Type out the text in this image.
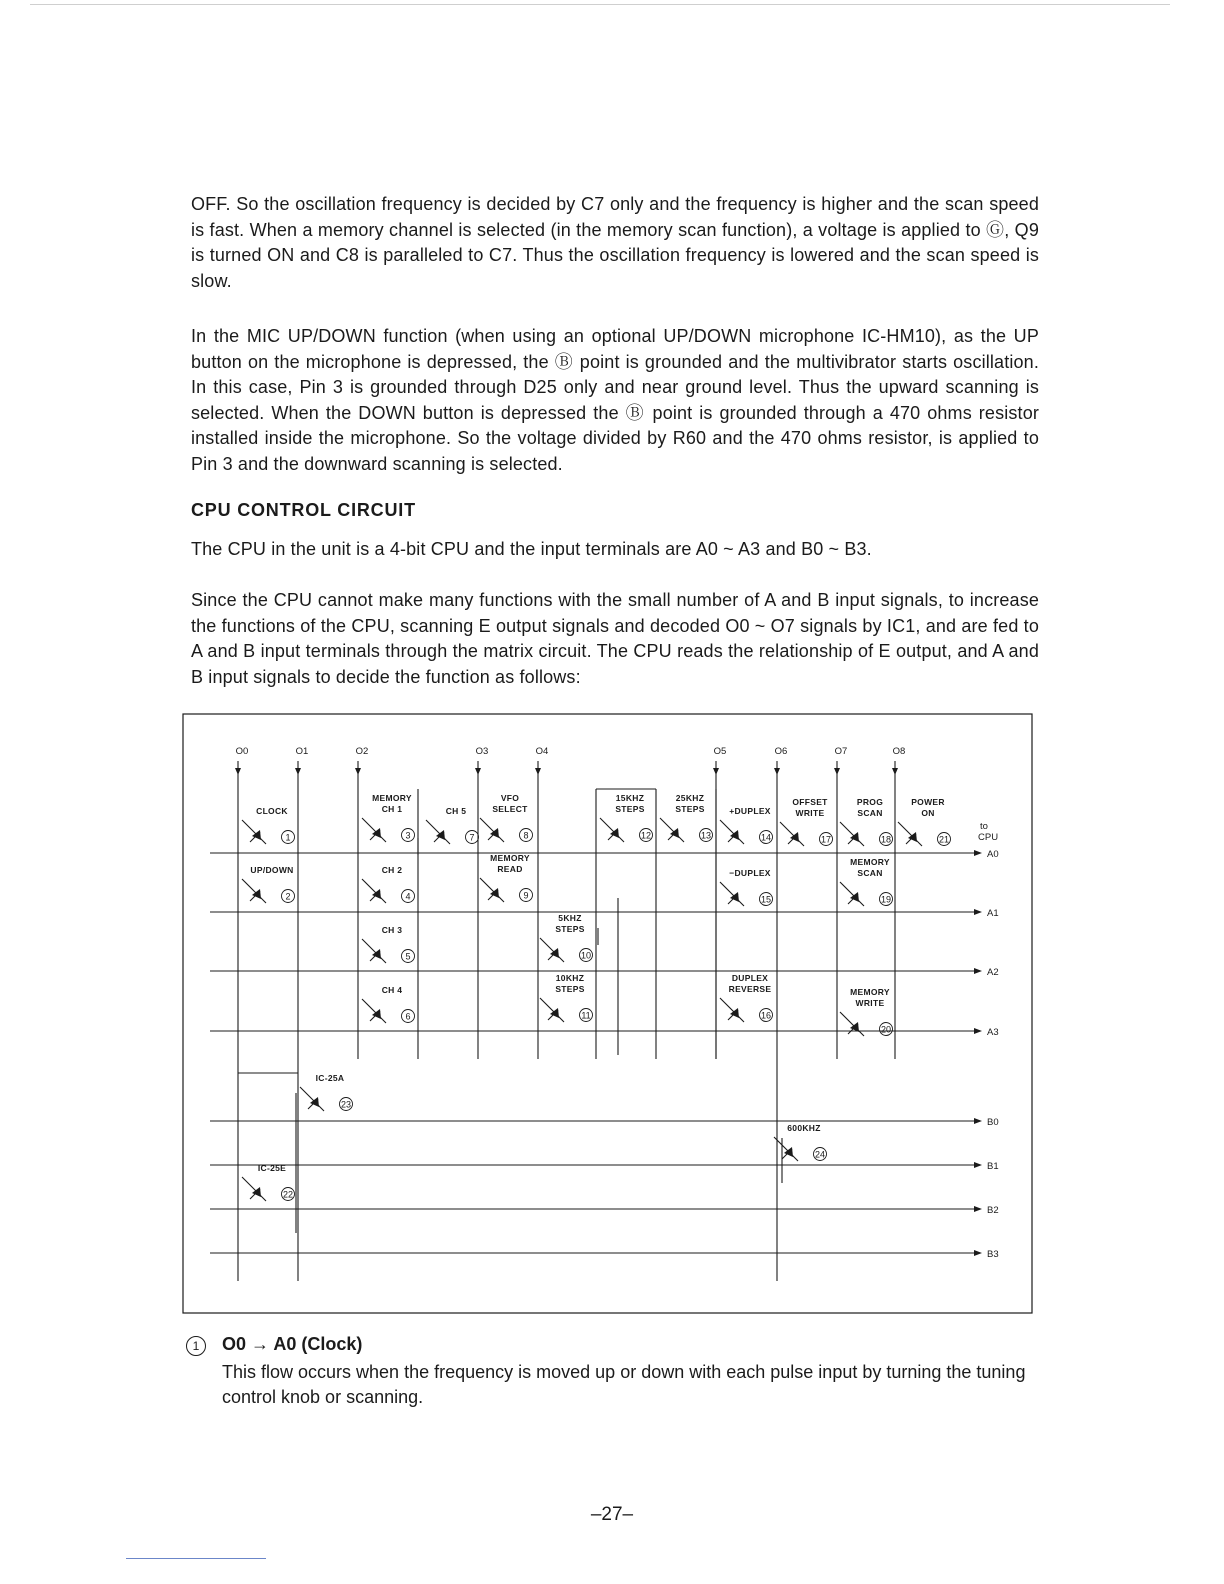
OFF. So the oscillation frequency is decided by C7 only and the frequency is higher and the scan speed is fast. When a memory channel is selected (in the memory scan function), a voltage is applied to Ⓖ, Q9 is turned ON and C8 is paralleled to C7. Thus the oscillation frequency is lowered and the scan speed is slow.

In the MIC UP/DOWN function (when using an optional UP/DOWN microphone IC-HM10), as the UP button on the microphone is depressed, the Ⓑ point is grounded and the multivibrator starts oscillation. In this case, Pin 3 is grounded through D25 only and near ground level. Thus the upward scanning is selected. When the DOWN button is depressed the Ⓑ point is grounded through a 470 ohms resistor installed inside the microphone. So the voltage divided by R60 and the 470 ohms resistor, is applied to Pin 3 and the downward scanning is selected.

CPU CONTROL CIRCUIT

The CPU in the unit is a 4-bit CPU and the input terminals are A0 ~ A3 and B0 ~ B3.

Since the CPU cannot make many functions with the small number of A and B input signals, to increase the functions of the CPU, scanning E output signals and decoded O0 ~ O7 signals by IC1, and are fed to A and B input terminals through the matrix circuit. The CPU reads the relationship of E output, and A and B input signals to decide the function as follows:

O0	O1	O2	O3	O4	O5	O6	O7	O8
A0
A1
A2
A3
B0
B1
B2
B3
to
CPU
CLOCK
1
UP/DOWN
2
MEMORY
CH 1
3
CH 2
4
CH 3
5
CH 4
6
CH 5
7
VFO
SELECT
8
MEMORY
READ
9
5KHZ
STEPS
10
10KHZ
STEPS
11
15KHZ
STEPS
12
25KHZ
STEPS
13
+DUPLEX
14
−DUPLEX
15
DUPLEX
REVERSE
16
OFFSET
WRITE
17
PROG
SCAN
18
MEMORY
SCAN
19
MEMORY
WRITE
20
POWER
ON
21
IC-25E
22
IC-25A
23
600KHZ
24
1	O0 → A0 (Clock)

This flow occurs when the frequency is moved up or down with each pulse input by turning the tuning control knob or scanning.

–27–
